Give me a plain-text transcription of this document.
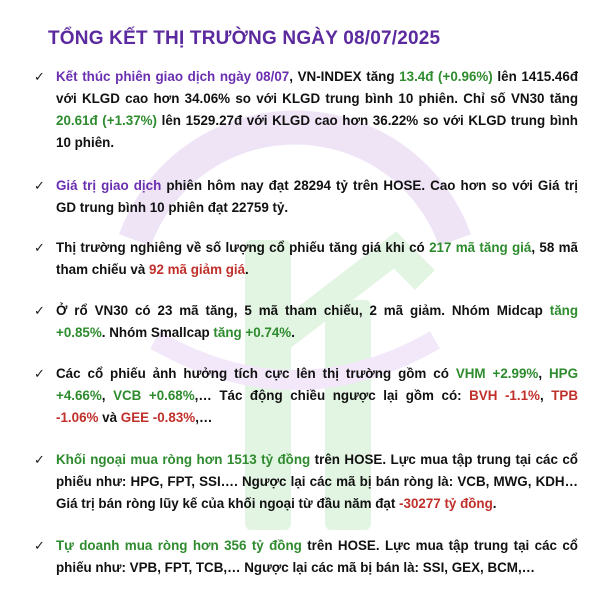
TỔNG KẾT THỊ TRƯỜNG NGÀY 08/07/2025
✓ Kết thúc phiên giao dịch ngày 08/07, VN-INDEX tăng 13.4đ (+0.96%) lên 1415.46đ với KLGD cao hơn 34.06% so với KLGD trung bình 10 phiên. Chỉ số VN30 tăng 20.61đ (+1.37%) lên 1529.27đ với KLGD cao hơn 36.22% so với KLGD trung bình 10 phiên.
✓ Giá trị giao dịch phiên hôm nay đạt 28294 tỷ trên HOSE. Cao hơn so với Giá trị GD trung bình 10 phiên đạt 22759 tỷ.
✓ Thị trường nghiêng về số lượng cổ phiếu tăng giá khi có 217 mã tăng giá, 58 mã tham chiếu và 92 mã giảm giá.
✓ Ở rổ VN30 có 23 mã tăng, 5 mã tham chiếu, 2 mã giảm. Nhóm Midcap tăng +0.85%. Nhóm Smallcap tăng +0.74%.
✓ Các cổ phiếu ảnh hưởng tích cực lên thị trường gồm có VHM +2.99%, HPG +4.66%, VCB +0.68%,… Tác động chiều ngược lại gồm có: BVH -1.1%, TPB -1.06% và GEE -0.83%,…
✓ Khối ngoại mua ròng hơn 1513 tỷ đồng trên HOSE. Lực mua tập trung tại các cổ phiếu như: HPG, FPT, SSI…. Ngược lại các mã bị bán ròng là: VCB, MWG, KDH… Giá trị bán ròng lũy kế của khối ngoại từ đầu năm đạt -30277 tỷ đồng.
✓ Tự doanh mua ròng hơn 356 tỷ đồng trên HOSE. Lực mua tập trung tại các cổ phiếu như: VPB, FPT, TCB,… Ngược lại các mã bị bán là: SSI, GEX, BCM,…
